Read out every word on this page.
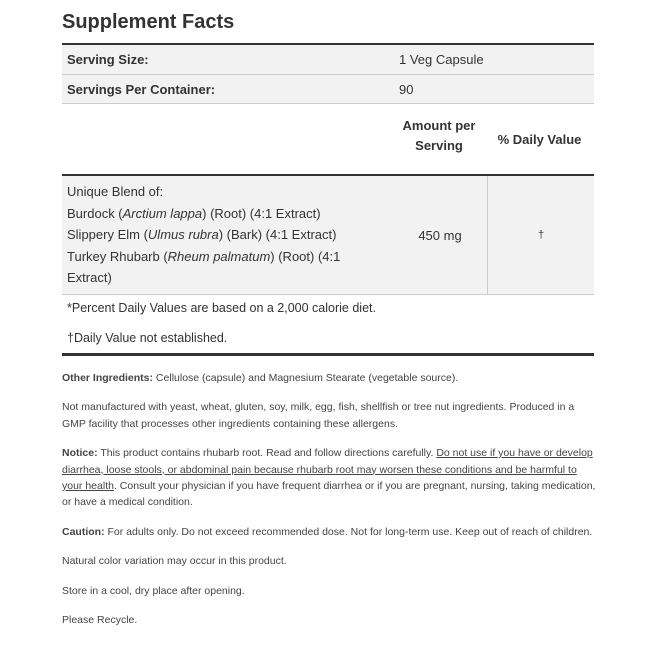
Supplement Facts
Serving Size:	1 Veg Capsule
Servings Per Container:	90
Amount per
Serving	% Daily Value
Unique Blend of:
Burdock (Arctium lappa) (Root) (4:1 Extract)
Slippery Elm (Ulmus rubra) (Bark) (4:1 Extract)
Turkey Rhubarb (Rheum palmatum) (Root) (4:1
Extract)
450 mg	†
*Percent Daily Values are based on a 2,000 calorie diet.
†Daily Value not established.

Other Ingredients: Cellulose (capsule) and Magnesium Stearate (vegetable source).

Not manufactured with yeast, wheat, gluten, soy, milk, egg, fish, shellfish or tree nut ingredients. Produced in a GMP facility that processes other ingredients containing these allergens.

Notice: This product contains rhubarb root. Read and follow directions carefully. Do not use if you have or develop diarrhea, loose stools, or abdominal pain because rhubarb root may worsen these conditions and be harmful to your health. Consult your physician if you have frequent diarrhea or if you are pregnant, nursing, taking medication, or have a medical condition.

Caution: For adults only. Do not exceed recommended dose. Not for long-term use. Keep out of reach of children.

Natural color variation may occur in this product.

Store in a cool, dry place after opening.

Please Recycle.
